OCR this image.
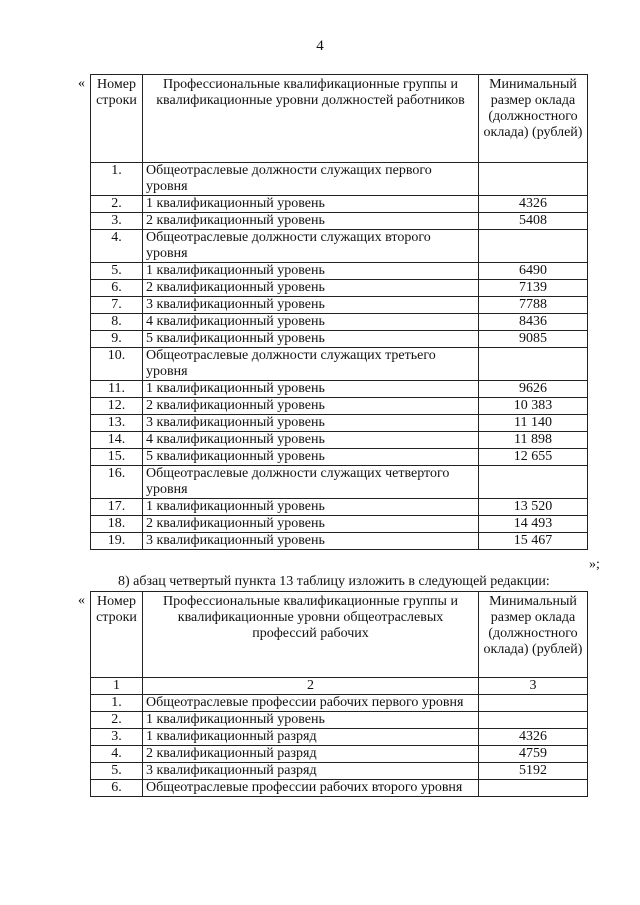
4
« Номер строки	Профессиональные квалификационные группы и квалификационные уровни должностей работников	Минимальный размер оклада (должностного оклада) (рублей)
1.	Общеотраслевые должности служащих первого уровня	
2.	1 квалификационный уровень	4326
3.	2 квалификационный уровень	5408
4.	Общеотраслевые должности служащих второго уровня	
5.	1 квалификационный уровень	6490
6.	2 квалификационный уровень	7139
7.	3 квалификационный уровень	7788
8.	4 квалификационный уровень	8436
9.	5 квалификационный уровень	9085
10.	Общеотраслевые должности служащих третьего уровня	
11.	1 квалификационный уровень	9626
12.	2 квалификационный уровень	10 383
13.	3 квалификационный уровень	11 140
14.	4 квалификационный уровень	11 898
15.	5 квалификационный уровень	12 655
16.	Общеотраслевые должности служащих четвертого уровня	
17.	1 квалификационный уровень	13 520
18.	2 квалификационный уровень	14 493
19.	3 квалификационный уровень	15 467
»;
8) абзац четвертый пункта 13 таблицу изложить в следующей редакции:
« Номер строки	Профессиональные квалификационные группы и квалификационные уровни общеотраслевых профессий рабочих	Минимальный размер оклада (должностного оклада) (рублей)
1	2	3
1.	Общеотраслевые профессии рабочих первого уровня	
2.	1 квалификационный уровень	
3.	1 квалификационный разряд	4326
4.	2 квалификационный разряд	4759
5.	3 квалификационный разряд	5192
6.	Общеотраслевые профессии рабочих второго уровня	
